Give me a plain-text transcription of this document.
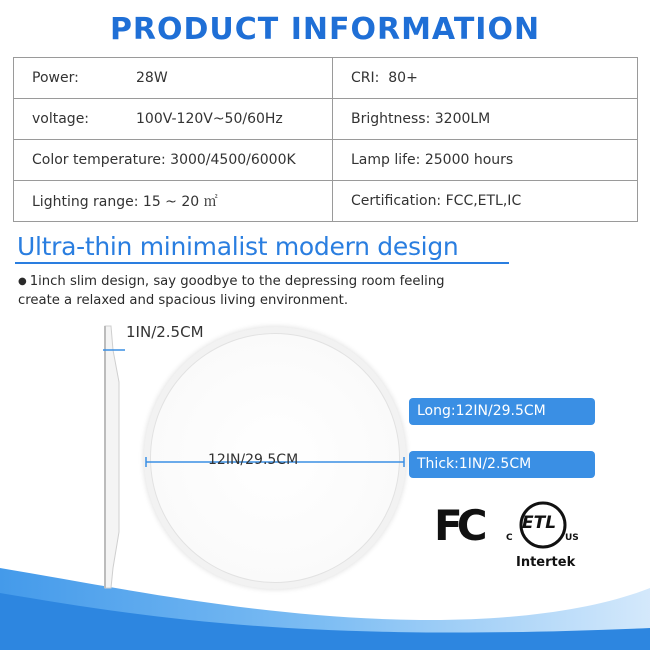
PRODUCT INFORMATION
Power: 28W	CRI: 80+
voltage: 100V-120V~50/60Hz	Brightness: 3200LM
Color temperature: 3000/4500/6000K	Lamp life: 25000 hours
Lighting range: 15 ~ 20 ㎡	Certification: FCC,ETL,IC
Ultra-thin minimalist modern design
● 1inch slim design, say goodbye to the depressing room feeling
create a relaxed and spacious living environment.
1IN/2.5CM
12IN/29.5CM
Long:12IN/29.5CM
Thick:1IN/2.5CM
FC ETL
C	US
Intertek
